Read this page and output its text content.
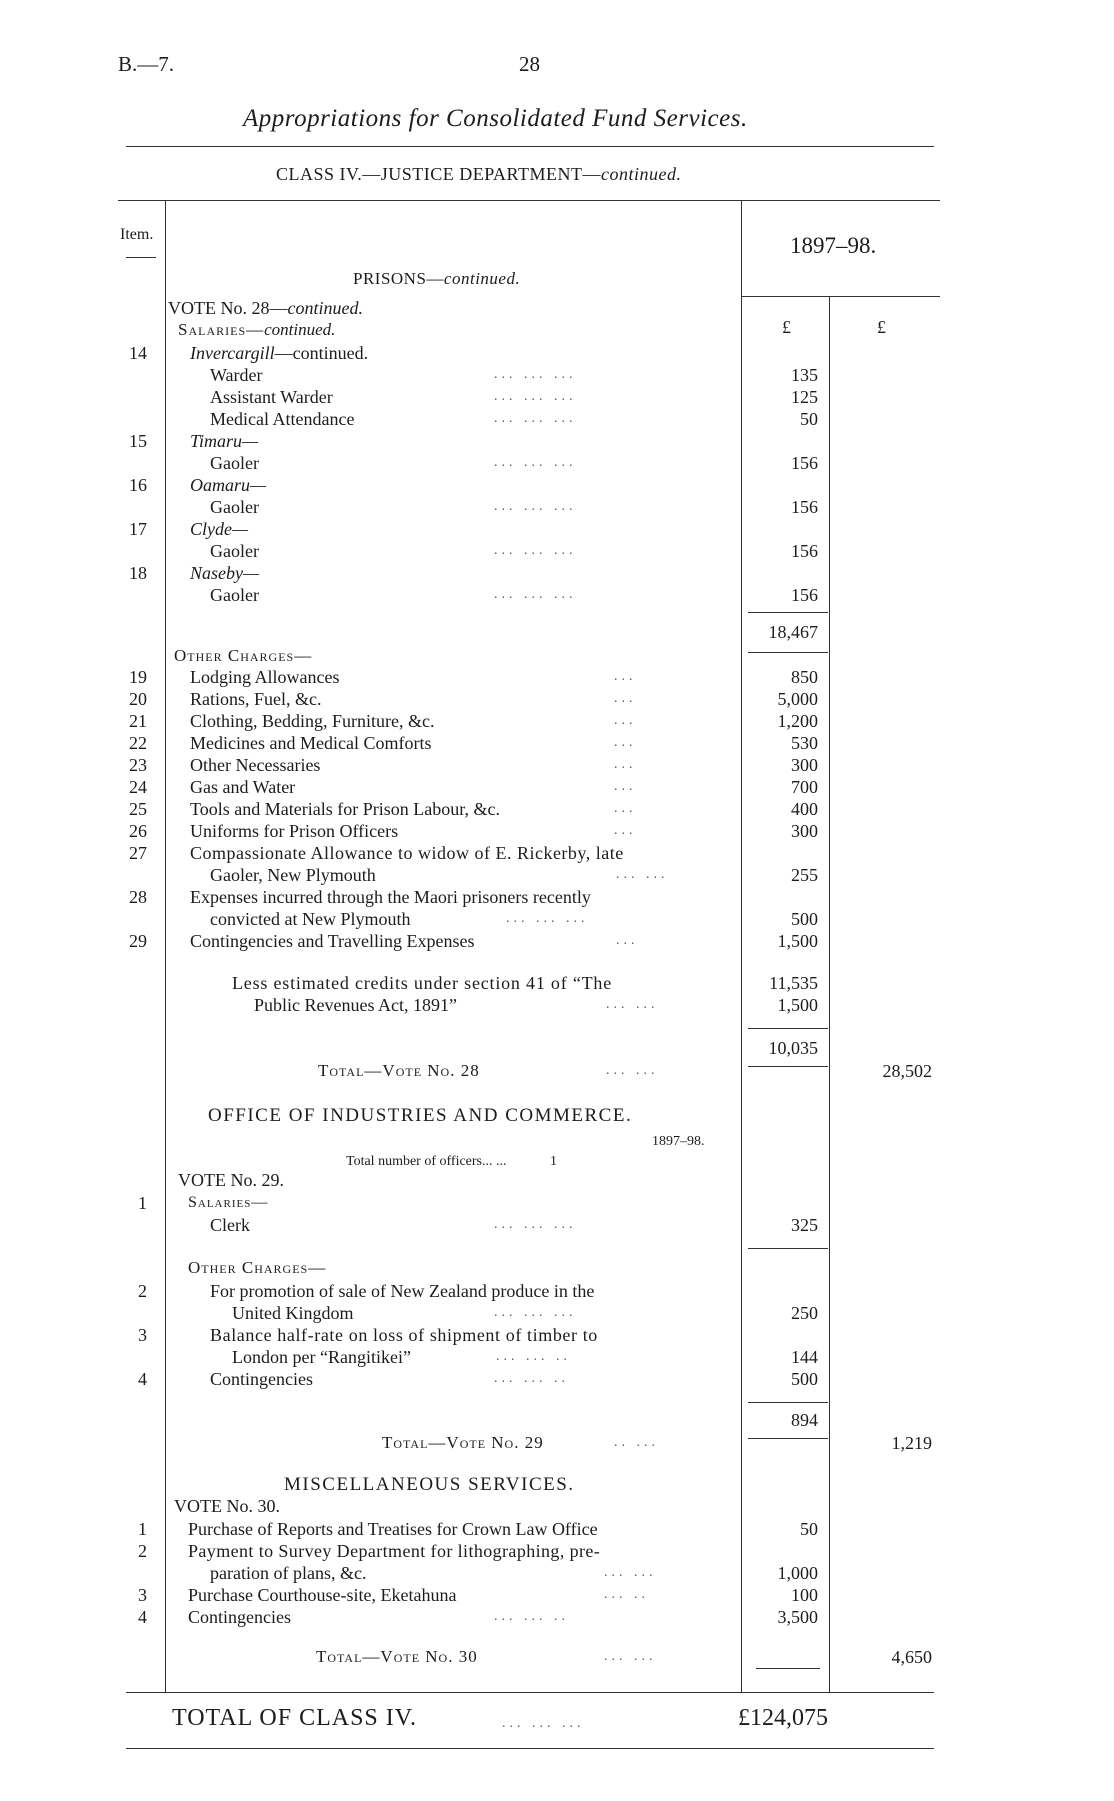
B.—7.	28
Appropriations for Consolidated Fund Services.
CLASS IV.—JUSTICE DEPARTMENT—continued.
Item.	1897–98.
£	£
PRISONS—continued.
VOTE No. 28—continued.
Salaries—continued.
14 Invercargill—continued.
Warder	... ... ...	135
Assistant Warder	... ... ...	125
Medical Attendance	... ... ...	50
15 Timaru—
Gaoler	... ... ...	156
16 Oamaru—
Gaoler	... ... ...	156
17 Clyde—
Gaoler	... ... ...	156
18 Naseby—
Gaoler	... ... ...	156
18,467
Other Charges—
19 Lodging Allowances	850
...
20 Rations, Fuel, &c.	5,000
...
21 Clothing, Bedding, Furniture, &c.	1,200
...
22 Medicines and Medical Comforts	530
...
23 Other Necessaries	300
...
24 Gas and Water	700
...
25 Tools and Materials for Prison Labour, &c.	400
...
26 Uniforms for Prison Officers	300
...
27 Compassionate Allowance to widow of E. Rickerby, late
Gaoler, New Plymouth	... ...	255
28 Expenses incurred through the Maori prisoners recently
convicted at New Plymouth	... ... ...	500
29 Contingencies and Travelling Expenses	...	1,500
Less estimated credits under section 41 of “The	11,535
Public Revenues Act, 1891”	... ...	1,500
10,035
Total—Vote No. 28	... ...	28,502
OFFICE OF INDUSTRIES AND COMMERCE.
1897–98.
Total number of officers... ...	1
VOTE No. 29.
1	Salaries—
Clerk	... ... ...	325
Other Charges—
2	For promotion of sale of New Zealand produce in the
United Kingdom	... ... ...	250
3	Balance half-rate on loss of shipment of timber to
London per “Rangitikei”	... ... ..	144
4	Contingencies	... ... ..	500
894
Total—Vote No. 29	.. ...	1,219
MISCELLANEOUS SERVICES.
VOTE No. 30.
1 Purchase of Reports and Treatises for Crown Law Office	50
2 Payment to Survey Department for lithographing, pre-
paration of plans, &c.	... ...	1,000
3 Purchase Courthouse-site, Eketahuna	... ..	100
4 Contingencies	... ... ..	3,500
Total—Vote No. 30	... ...	4,650
TOTAL OF CLASS IV.	... ... ...	£124,075
